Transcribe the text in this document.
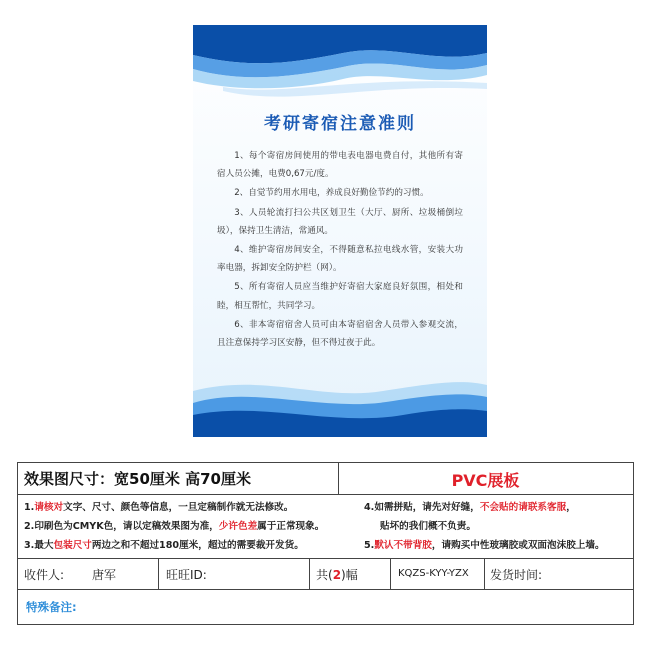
考研寄宿注意准则

1、每个寄宿房间使用的带电表电器电费自付，其他所有寄宿人员公摊，电费0,67元/度。

2、自觉节约用水用电，养成良好勤俭节约的习惯。

3、人员轮流打扫公共区划卫生（大厅、厨所、垃圾桶倒垃圾），保持卫生清洁，常通风。

4、维护寄宿房间安全，不得随意私拉电线水管，安装大功率电器，拆卸安全防护栏（网）。

5、所有寄宿人员应当维护好寄宿大家庭良好氛围，相处和睦，相互帮忙，共同学习。

6、非本寄宿宿舍人员可由本寄宿宿舍人员带入参观交流，且注意保持学习区安静，但不得过夜于此。

效果图尺寸：宽50厘米 高70厘米	PVC展板
1.请核对文字、尺寸、颜色等信息，一旦定稿制作就无法修改。
2.印刷色为CMYK色，请以定稿效果图为准，少许色差属于正常现象。
3.最大包装尺寸两边之和不超过180厘米，超过的需要裁开发货。
4.如需拼贴，请先对好缝，不会贴的请联系客服，
贴坏的我们概不负责。
5.默认不带背胶，请购买中性玻璃胶或双面泡沫胶上墙。
收件人: 唐军	旺旺ID:	共(2)幅	KQZS-KYY-YZX 发货时间:
特殊备注:
